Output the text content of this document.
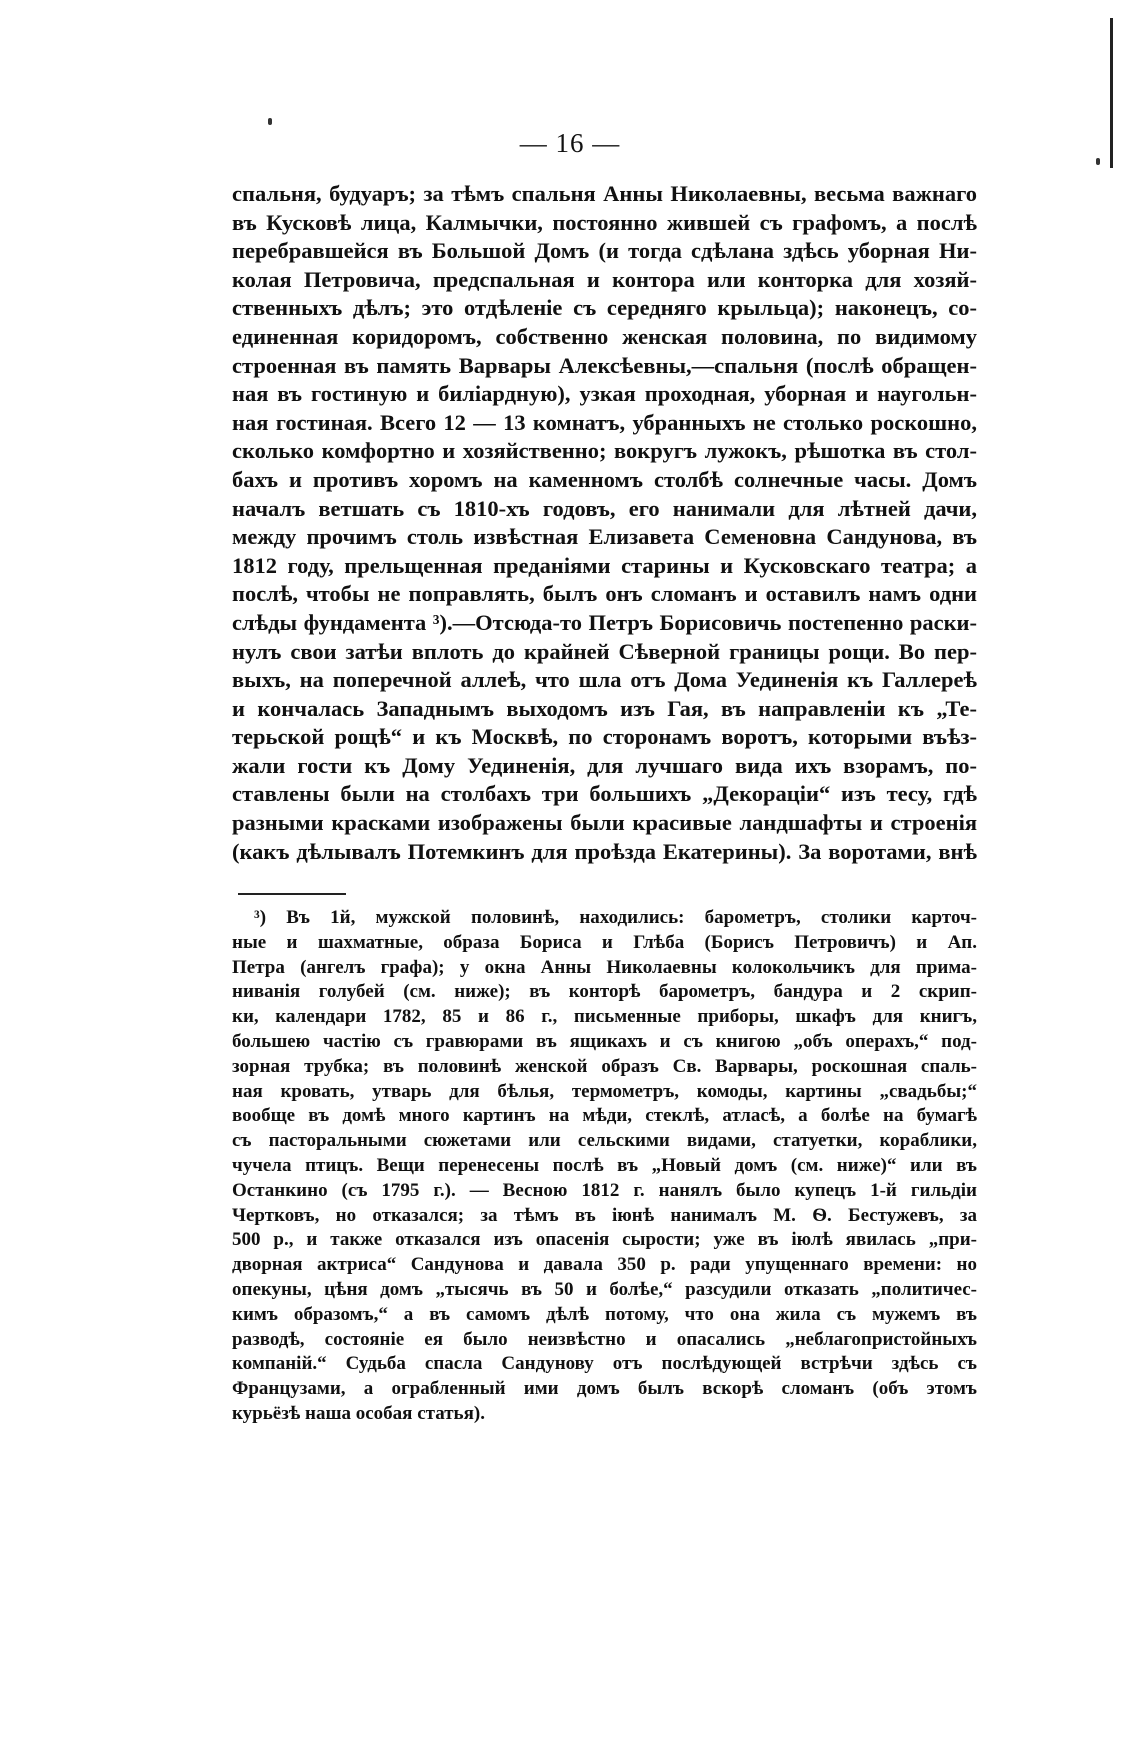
— 16 —
спальня, будуаръ; за тѣмъ спальня Анны Николаевны, весьма важнаго
въ Кусковѣ лица, Калмычки, постоянно жившей съ графомъ, а послѣ
перебравшейся въ Большой Домъ (и тогда сдѣлана здѣсь уборная Ни-
колая Петровича, предспальная и контора или конторка для хозяй-
ственныхъ дѣлъ; это отдѣленіе съ середняго крыльца); наконецъ, со-
единенная коридоромъ, собственно женская половина, по видимому
строенная въ память Варвары Алексѣевны,—спальня (послѣ обращен-
ная въ гостиную и биліардную), узкая проходная, уборная и наугольн-
ная гостиная. Всего 12 — 13 комнатъ, убранныхъ не столько роскошно,
сколько комфортно и хозяйственно; вокругъ лужокъ, рѣшотка въ стол-
бахъ и противъ хоромъ на каменномъ столбѣ солнечные часы. Домъ
началъ ветшать съ 1810-хъ годовъ, его нанимали для лѣтней дачи,
между прочимъ столь извѣстная Елизавета Семеновна Сандунова, въ
1812 году, прельщенная преданіями старины и Кусковскаго театра; а
послѣ, чтобы не поправлять, былъ онъ сломанъ и оставилъ намъ одни
слѣды фундамента ³).—Отсюда-то Петръ Борисовичь постепенно раски-
нулъ свои затѣи вплоть до крайней Сѣверной границы рощи. Во пер-
выхъ, на поперечной аллеѣ, что шла отъ Дома Уединенія къ Галлереѣ
и кончалась Западнымъ выходомъ изъ Гая, въ направленіи къ „Те-
терьской рощѣ“ и къ Москвѣ, по сторонамъ воротъ, которыми въѣз-
жали гости къ Дому Уединенія, для лучшаго вида ихъ взорамъ, по-
ставлены были на столбахъ три большихъ „Декорацiи“ изъ тесу, гдѣ
разными красками изображены были красивые ландшафты и строенія
(какъ дѣлывалъ Потемкинъ для проѣзда Екатерины). За воротами, внѣ
³) Въ 1й, мужской половинѣ, находились: барометръ, столики карточ-
ные и шахматные, образа Бориса и Глѣба (Борисъ Петровичъ) и Ап.
Петра (ангелъ графа); у окна Анны Николаевны колокольчикъ для прима-
ниванія голубей (см. ниже); въ конторѣ барометръ, бандура и 2 скрип-
ки, календари 1782, 85 и 86 г., письменные приборы, шкафъ для книгъ,
большею частію съ гравюрами въ ящикахъ и съ книгою „объ операхъ,“ под-
зорная трубка; въ половинѣ женской образъ Св. Варвары, роскошная спаль-
ная кровать, утварь для бѣлья, термометръ, комоды, картины „свадьбы;“
вообще въ домѣ много картинъ на мѣди, стеклѣ, атласѣ, а болѣе на бумагѣ
съ пасторальными сюжетами или сельскими видами, статуетки, кораблики,
чучела птицъ. Вещи перенесены послѣ въ „Новый домъ (см. ниже)“ или въ
Останкино (съ 1795 г.). — Весною 1812 г. нанялъ было купецъ 1-й гильдіи
Чертковъ, но отказался; за тѣмъ въ іюнѣ нанималъ М. Ѳ. Бестужевъ, за
500 р., и также отказался изъ опасенія сырости; уже въ іюлѣ явилась „при-
дворная актриса“ Сандунова и давала 350 р. ради упущеннаго времени: но
опекуны, цѣня домъ „тысячь въ 50 и болѣе,“ разсудили отказать „политичес-
кимъ образомъ,“ а въ самомъ дѣлѣ потому, что она жила съ мужемъ въ
разводѣ, состояніе ея было неизвѣстно и опасались „неблагопристойныхъ
компаній.“ Судьба спасла Сандунову отъ послѣдующей встрѣчи здѣсь съ
Французами, а ограбленный ими домъ былъ вскорѣ сломанъ (объ этомъ
курьёзѣ наша особая статья).
